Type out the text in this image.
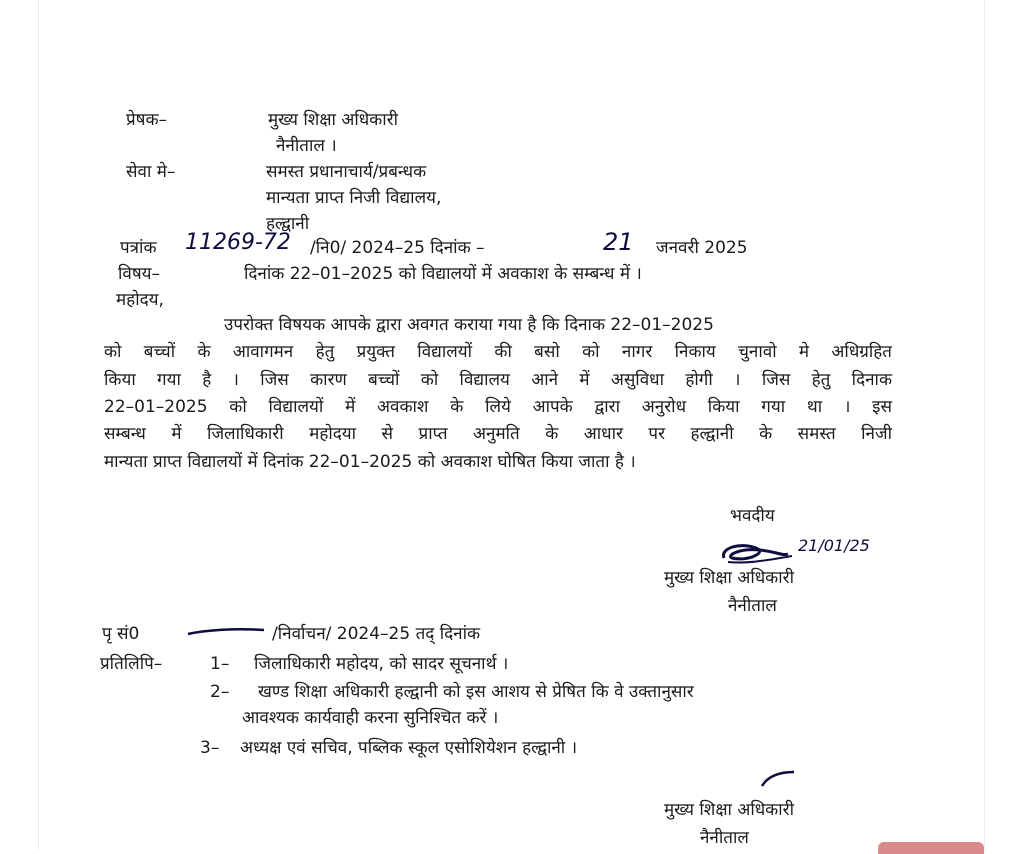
प्रेषक–	मुख्य शिक्षा अधिकारी
नैनीताल ।
सेवा मे–	समस्त प्रधानाचार्य/प्रबन्धक
मान्यता प्राप्त निजी विद्यालय,
हल्द्वानी
पत्रांक 11269-72 /नि0/ 2024–25 दिनांक –	21 जनवरी 2025
विषय–	दिनांक 22–01–2025 को विद्यालयों में अवकाश के सम्बन्ध में ।
महोदय,
उपरोक्त विषयक आपके द्वारा अवगत कराया गया है कि दिनाक 22–01–2025
को बच्चों के आवागमन हेतु प्रयुक्त विद्यालयों की बसो को नागर निकाय चुनावो मे अधिग्रहित
किया गया है । जिस कारण बच्चों को विद्यालय आने में असुविधा होगी । जिस हेतु दिनाक
22–01–2025 को विद्यालयों में अवकाश के लिये आपके द्वारा अनुरोध किया गया था । इस
सम्बन्ध में जिलाधिकारी महोदया से प्राप्त अनुमति के आधार पर हल्द्वानी के समस्त निजी
मान्यता प्राप्त विद्यालयों में दिनांक 22–01–2025 को अवकाश घोषित किया जाता है ।
भवदीय
21/01/25
मुख्य शिक्षा अधिकारी
नैनीताल
पृ सं0	/निर्वाचन/ 2024–25 तद् दिनांक
प्रतिलिपि–	1– जिलाधिकारी महोदय, को सादर सूचनार्थ ।
2– खण्ड शिक्षा अधिकारी हल्द्वानी को इस आशय से प्रेषित कि वे उक्तानुसार
आवश्यक कार्यवाही करना सुनिश्चित करें ।
3– अध्यक्ष एवं सचिव, पब्लिक स्कूल एसोशियेशन हल्द्वानी ।
मुख्य शिक्षा अधिकारी
नैनीताल
